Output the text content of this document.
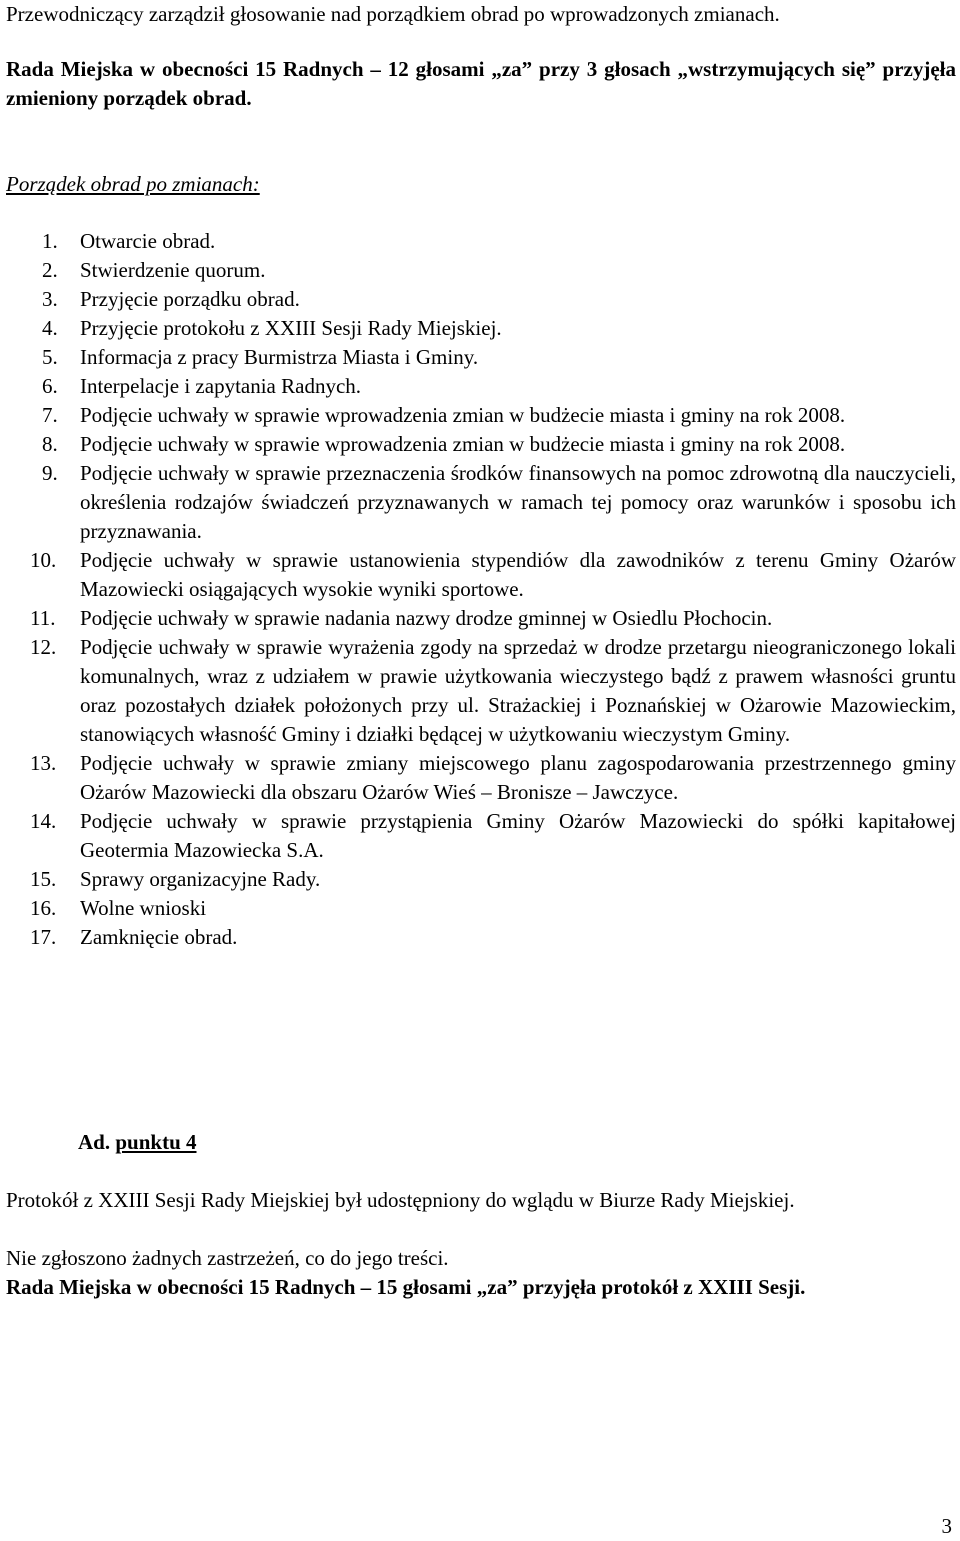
Przewodniczący zarządził głosowanie nad porządkiem obrad po wprowadzonych zmianach.

Rada Miejska w obecności 15 Radnych – 12 głosami „za” przy 3 głosach „wstrzymujących się” przyjęła zmieniony porządek obrad.

Porządek obrad po zmianach:
1. Otwarcie obrad.
2. Stwierdzenie quorum.
3. Przyjęcie porządku obrad.
4. Przyjęcie protokołu z XXIII Sesji Rady Miejskiej.
5. Informacja z pracy Burmistrza Miasta i Gminy.
6. Interpelacje i zapytania Radnych.
7. Podjęcie uchwały w sprawie wprowadzenia zmian w budżecie miasta i gminy na rok 2008.
8. Podjęcie uchwały w sprawie wprowadzenia zmian w budżecie miasta i gminy na rok 2008.
9. Podjęcie uchwały w sprawie przeznaczenia środków finansowych na pomoc zdrowotną dla nauczycieli, określenia rodzajów świadczeń przyznawanych w ramach tej pomocy oraz warunków i sposobu ich przyznawania.
10. Podjęcie uchwały w sprawie ustanowienia stypendiów dla zawodników z terenu Gminy Ożarów Mazowiecki osiągających wysokie wyniki sportowe.
11. Podjęcie uchwały w sprawie nadania nazwy drodze gminnej w Osiedlu Płochocin.
12. Podjęcie uchwały w sprawie wyrażenia zgody na sprzedaż w drodze przetargu nieograniczonego lokali komunalnych, wraz z udziałem w prawie użytkowania wieczystego bądź z prawem własności gruntu oraz pozostałych działek położonych przy ul. Strażackiej i Poznańskiej w Ożarowie Mazowieckim, stanowiących własność Gminy i działki będącej w użytkowaniu wieczystym Gminy.
13. Podjęcie uchwały w sprawie zmiany miejscowego planu zagospodarowania przestrzennego gminy Ożarów Mazowiecki dla obszaru Ożarów Wieś – Bronisze – Jawczyce.
14. Podjęcie uchwały w sprawie przystąpienia Gminy Ożarów Mazowiecki do spółki kapitałowej Geotermia Mazowiecka S.A.
15. Sprawy organizacyjne Rady.
16. Wolne wnioski
17. Zamknięcie obrad.
Ad. punktu 4

Protokół z XXIII Sesji Rady Miejskiej był udostępniony do wglądu w Biurze Rady Miejskiej.

Nie zgłoszono żadnych zastrzeżeń, co do jego treści.

Rada Miejska w obecności 15 Radnych – 15 głosami „za” przyjęła protokół z XXIII Sesji.

3
